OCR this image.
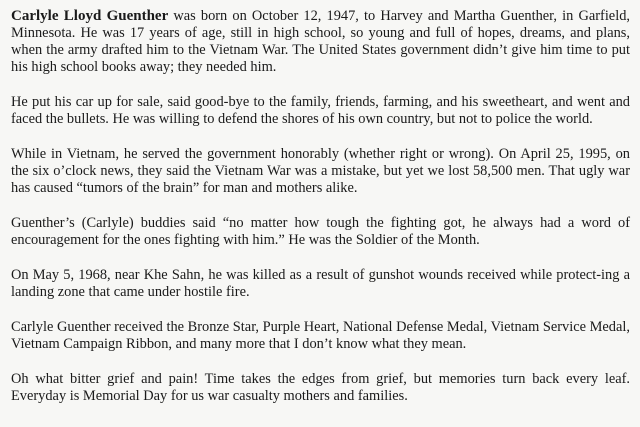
Carlyle Lloyd Guenther was born on October 12, 1947, to Harvey and Martha Guenther, in Garfield, Minnesota. He was 17 years of age, still in high school, so young and full of hopes, dreams, and plans, when the army drafted him to the Vietnam War. The United States government didn’t give him time to put his high school books away; they needed him.

He put his car up for sale, said good-bye to the family, friends, farming, and his sweetheart, and went and faced the bullets. He was willing to defend the shores of his own country, but not to police the world.

While in Vietnam, he served the government honorably (whether right or wrong). On April 25, 1995, on the six o’clock news, they said the Vietnam War was a mistake, but yet we lost 58,500 men. That ugly war has caused “tumors of the brain” for man and mothers alike.

Guenther’s (Carlyle) buddies said “no matter how tough the fighting got, he always had a word of encouragement for the ones fighting with him.” He was the Soldier of the Month.

On May 5, 1968, near Khe Sahn, he was killed as a result of gunshot wounds received while protect-ing a landing zone that came under hostile fire.

Carlyle Guenther received the Bronze Star, Purple Heart, National Defense Medal, Vietnam Service Medal, Vietnam Campaign Ribbon, and many more that I don’t know what they mean.

Oh what bitter grief and pain! Time takes the edges from grief, but memories turn back every leaf. Everyday is Memorial Day for us war casualty mothers and families.
